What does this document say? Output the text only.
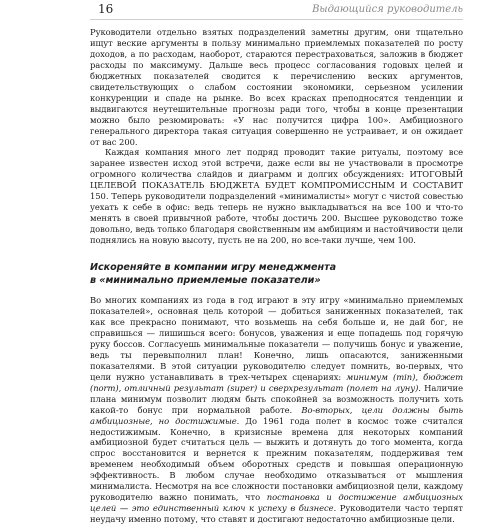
16	Выдающийся руководитель

Руководители отдельно взятых подразделений заметны другим, они тщательно ищут веские аргументы в пользу минимально приемлемых показателей по росту доходов, а по расходам, наоборот, стараются перестраховаться, заложив в бюджет расходы по максимуму. Дальше весь процесс согласования годовых целей и бюджетных показателей сводится к перечислению веских аргументов, свидетельствующих о слабом состоянии экономики, серьезном усилении конкуренции и спаде на рынке. Во всех красках преподносятся тенденции и выдвигаются неутешительные прогнозы ради того, чтобы в конце презентации можно было резюмировать: «У нас получится цифра 100». Амбициозного генерального директора такая ситуация совершенно не устраивает, и он ожидает от вас 200.

Каждая компания много лет подряд проводит такие ритуалы, поэтому все заранее известен исход этой встречи, даже если вы не участвовали в просмотре огромного количества слайдов и диаграмм и долгих обсуждениях: ИТОГОВЫЙ ЦЕЛЕВОЙ ПОКАЗАТЕЛЬ БЮДЖЕТА БУДЕТ КОМПРОМИССНЫМ И СОСТАВИТ 150. Теперь руководители подразделений «минималисты» могут с чистой совестью уехать к себе в офис: ведь теперь не нужно выкладываться на все 100 и что-то менять в своей привычной работе, чтобы достичь 200. Высшее руководство тоже довольно, ведь только благодаря свойственным им амбициям и настойчивости цели поднялись на новую высоту, пусть не на 200, но все-таки лучше, чем 100.

Искореняйте в компании игру менеджмента
в «минимально приемлемые показатели»

Во многих компаниях из года в год играют в эту игру «минимально приемлемых показателей», основная цель которой — добиться заниженных показателей, так как все прекрасно понимают, что возьмешь на себя больше и, не дай бог, не справишься — лишишься всего: бонусов, уважения и еще попадешь под горячую руку боссов. Согласуешь минимальные показатели — получишь бонус и уважение, ведь ты перевыполнил план! Конечно, лишь опасаются, заниженными показателями. В этой ситуации руководителю следует помнить, во-первых, что цели нужно устанавливать в трех-четырех сценариях: минимум (min), бюджет (norm), отличный результат (super) и сверхрезультат (полет на луну). Наличие плана минимум позволит людям быть спокойней за возможность получить хоть какой-то бонус при нормальной работе. Во-вторых, цели должны быть амбициозные, но достижимые. До 1961 года полет в космос тоже считался недостижимым. Конечно, в кризисные времена для некоторых компаний амбициозной будет считаться цель — выжить и дотянуть до того момента, когда спрос восстановится и вернется к прежним показателям, поддерживая тем временем необходимый объем оборотных средств и повышая операционную эффективность. В любом случае необходимо отказываться от мышления минималиста. Несмотря на все сложности постановки амбициозной цели, каждому руководителю важно понимать, что постановка и достижение амбициозных целей — это единственный ключ к успеху в бизнесе. Руководители часто терпят неудачу именно потому, что ставят и достигают недостаточно амбициозные цели.
